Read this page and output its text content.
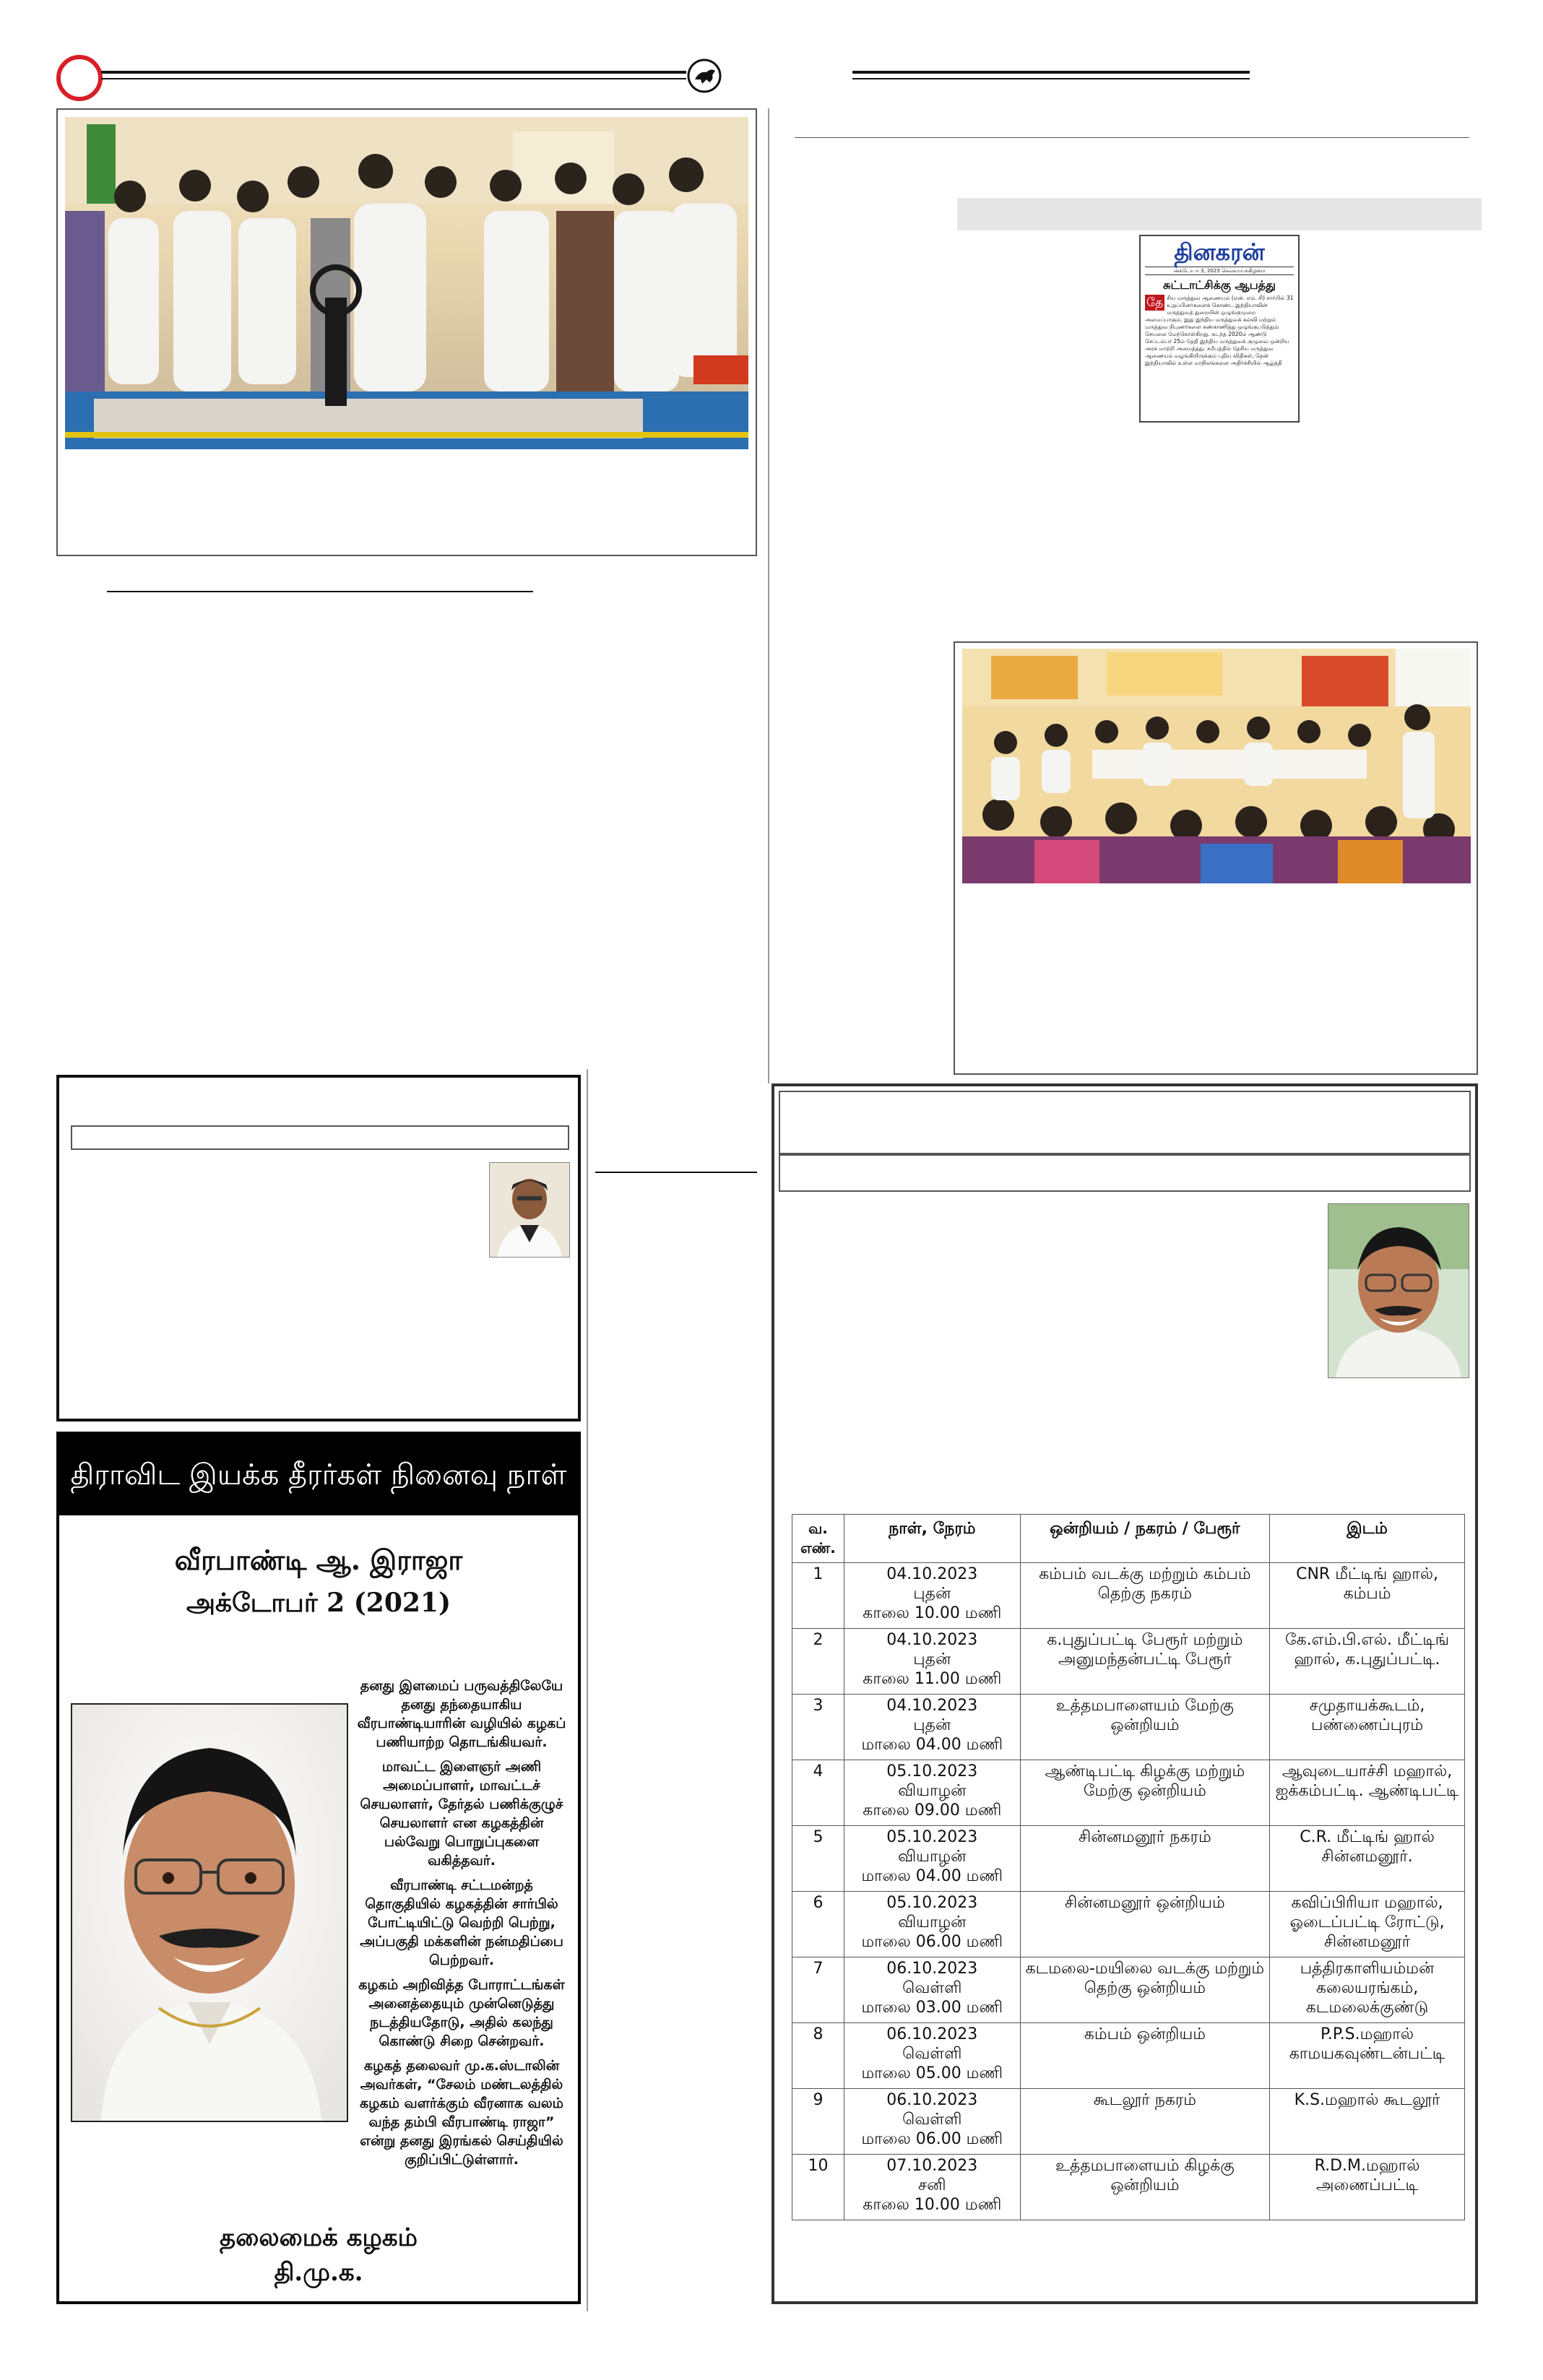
தினகரன்
அக்டோபர் 3, 2023 செவ்வாய்க்கிழமை
சுட்டாட்சிக்கு ஆபத்து
தே சிய மருத்துவ ஆணையம் (என். எம். சி) சார்பில் 31 உறுப்பினர்களைக் கொண்ட இந்தியாவின் மருத்துவத் துறையின் ஒழுங்குமுறை அமைப்பாகும். இது இந்திய மருத்துவக் கல்வி மற்றும் மருத்துவ நிபுணர்களை கண்காணித்து ஒழுங்குபடுத்தும் செயலை மேற்கொள்கிறது. கடந்த 2020ம் ஆண்டு செப்டம்பர் 25ம் தேதி இந்திய மருத்துவக் குழுவை ஒன்றிய அரசு மாற்றி அமைத்தது. சமீபத்தில் தேசிய மருத்துவ ஆணையம் வழங்கியிருக்கும் புதிய விதிகள், தென் இந்தியாவில் உள்ள மாநிலங்களை அதிர்ச்சியில் ஆழ்த்தி
திராவிட இயக்க தீரர்கள் நினைவு நாள்
வீரபாண்டி ஆ. இராஜா
அக்டோபர் 2 (2021)

தனது இளமைப் பருவத்திலேயே தனது தந்தையாகிய வீரபாண்டியாரின் வழியில் கழகப் பணியாற்ற தொடங்கியவர்.

மாவட்ட இளைஞர் அணி அமைப்பாளர், மாவட்டச் செயலாளர், தேர்தல் பணிக்குழுச் செயலாளர் என கழகத்தின் பல்வேறு பொறுப்புகளை வகித்தவர்.

வீரபாண்டி சட்டமன்றத் தொகுதியில் கழகத்தின் சார்பில் போட்டியிட்டு வெற்றி பெற்று, அப்பகுதி மக்களின் நன்மதிப்பை பெற்றவர்.

கழகம் அறிவித்த போராட்டங்கள் அனைத்தையும் முன்னெடுத்து நடத்தியதோடு, அதில் கலந்து கொண்டு சிறை சென்றவர்.

கழகத் தலைவர் மு.க.ஸ்டாலின் அவர்கள், “சேலம் மண்டலத்தில் கழகம் வளர்க்கும் வீரனாக வலம் வந்த தம்பி வீரபாண்டி ராஜா” என்று தனது இரங்கல் செய்தியில் குறிப்பிட்டுள்ளார்.

தலைமைக் கழகம்
தி.மு.க.
வ. எண்.	நாள், நேரம்	ஒன்றியம் / நகரம் / பேரூர்	இடம்

1	04.10.2023
புதன்
காலை 10.00 மணி	கம்பம் வடக்கு மற்றும் கம்பம் தெற்கு நகரம்	CNR மீட்டிங் ஹால், கம்பம்

2	04.10.2023
புதன்
காலை 11.00 மணி	க.புதுப்பட்டி பேரூர் மற்றும் அனுமந்தன்பட்டி பேரூர்	கே.எம்.பி.எல். மீட்டிங் ஹால், க.புதுப்பட்டி.

3	04.10.2023
புதன்
மாலை 04.00 மணி	உத்தமபாளையம் மேற்கு ஒன்றியம்	சமுதாயக்கூடம், பண்ணைப்புரம்

4	05.10.2023
வியாழன்
காலை 09.00 மணி	ஆண்டிபட்டி கிழக்கு மற்றும் மேற்கு ஒன்றியம்	ஆவுடையாச்சி மஹால், ஐக்கம்பட்டி. ஆண்டிபட்டி

5	05.10.2023
வியாழன்
மாலை 04.00 மணி	சின்னமனூர் நகரம்	C.R. மீட்டிங் ஹால் சின்னமனூர்.

6	05.10.2023
வியாழன்
மாலை 06.00 மணி	சின்னமனூர் ஒன்றியம்	கவிப்பிரியா மஹால், ஓடைப்பட்டி ரோட்டு, சின்னமனூர்

7	06.10.2023
வெள்ளி
மாலை 03.00 மணி	கடமலை-மயிலை வடக்கு மற்றும் தெற்கு ஒன்றியம்	பத்திரகாளியம்மன் கலையரங்கம், கடமலைக்குண்டு

8	06.10.2023
வெள்ளி
மாலை 05.00 மணி	கம்பம் ஒன்றியம்	P.P.S.மஹால் காமயகவுண்டன்பட்டி

9	06.10.2023
வெள்ளி
மாலை 06.00 மணி	கூடலூர் நகரம்	K.S.மஹால் கூடலூர்

10	07.10.2023
சனி
காலை 10.00 மணி	உத்தமபாளையம் கிழக்கு ஒன்றியம்	R.D.M.மஹால் அணைப்பட்டி
